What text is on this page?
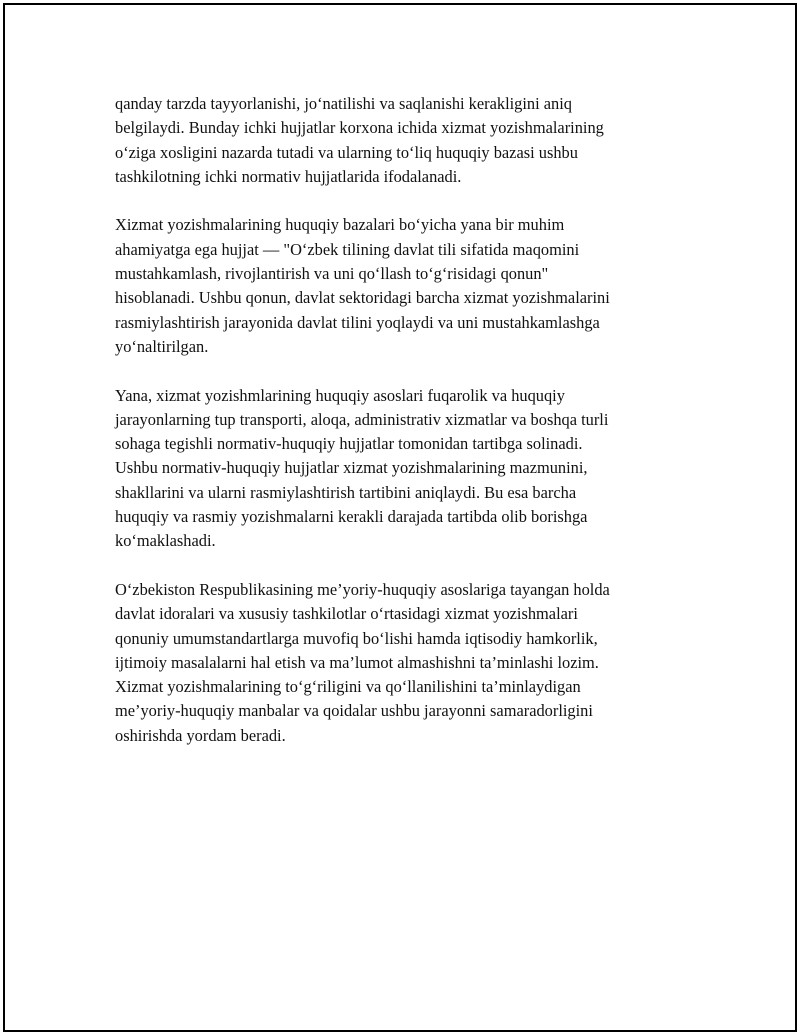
qanday tarzda tayyorlanishi, jo‘natilishi va saqlanishi kerakligini aniq
belgilaydi. Bunday ichki hujjatlar korxona ichida xizmat yozishmalarining
o‘ziga xosligini nazarda tutadi va ularning to‘liq huquqiy bazasi ushbu
tashkilotning ichki normativ hujjatlarida ifodalanadi.

Xizmat yozishmalarining huquqiy bazalari bo‘yicha yana bir muhim
ahamiyatga ega hujjat — "O‘zbek tilining davlat tili sifatida maqomini
mustahkamlash, rivojlantirish va uni qo‘llash to‘g‘risidagi qonun"
hisoblanadi. Ushbu qonun, davlat sektoridagi barcha xizmat yozishmalarini
rasmiylashtirish jarayonida davlat tilini yoqlaydi va uni mustahkamlashga
yo‘naltirilgan.

Yana, xizmat yozishmlarining huquqiy asoslari fuqarolik va huquqiy
jarayonlarning tup transporti, aloqa, administrativ xizmatlar va boshqa turli
sohaga tegishli normativ-huquqiy hujjatlar tomonidan tartibga solinadi.
Ushbu normativ-huquqiy hujjatlar xizmat yozishmalarining mazmunini,
shakllarini va ularni rasmiylashtirish tartibini aniqlaydi. Bu esa barcha
huquqiy va rasmiy yozishmalarni kerakli darajada tartibda olib borishga
ko‘maklashadi.

O‘zbekiston Respublikasining me’yoriy-huquqiy asoslariga tayangan holda
davlat idoralari va xususiy tashkilotlar o‘rtasidagi xizmat yozishmalari
qonuniy umumstandartlarga muvofiq bo‘lishi hamda iqtisodiy hamkorlik,
ijtimoiy masalalarni hal etish va ma’lumot almashishni ta’minlashi lozim.
Xizmat yozishmalarining to‘g‘riligini va qo‘llanilishini ta’minlaydigan
me’yoriy-huquqiy manbalar va qoidalar ushbu jarayonni samaradorligini
oshirishda yordam beradi.
